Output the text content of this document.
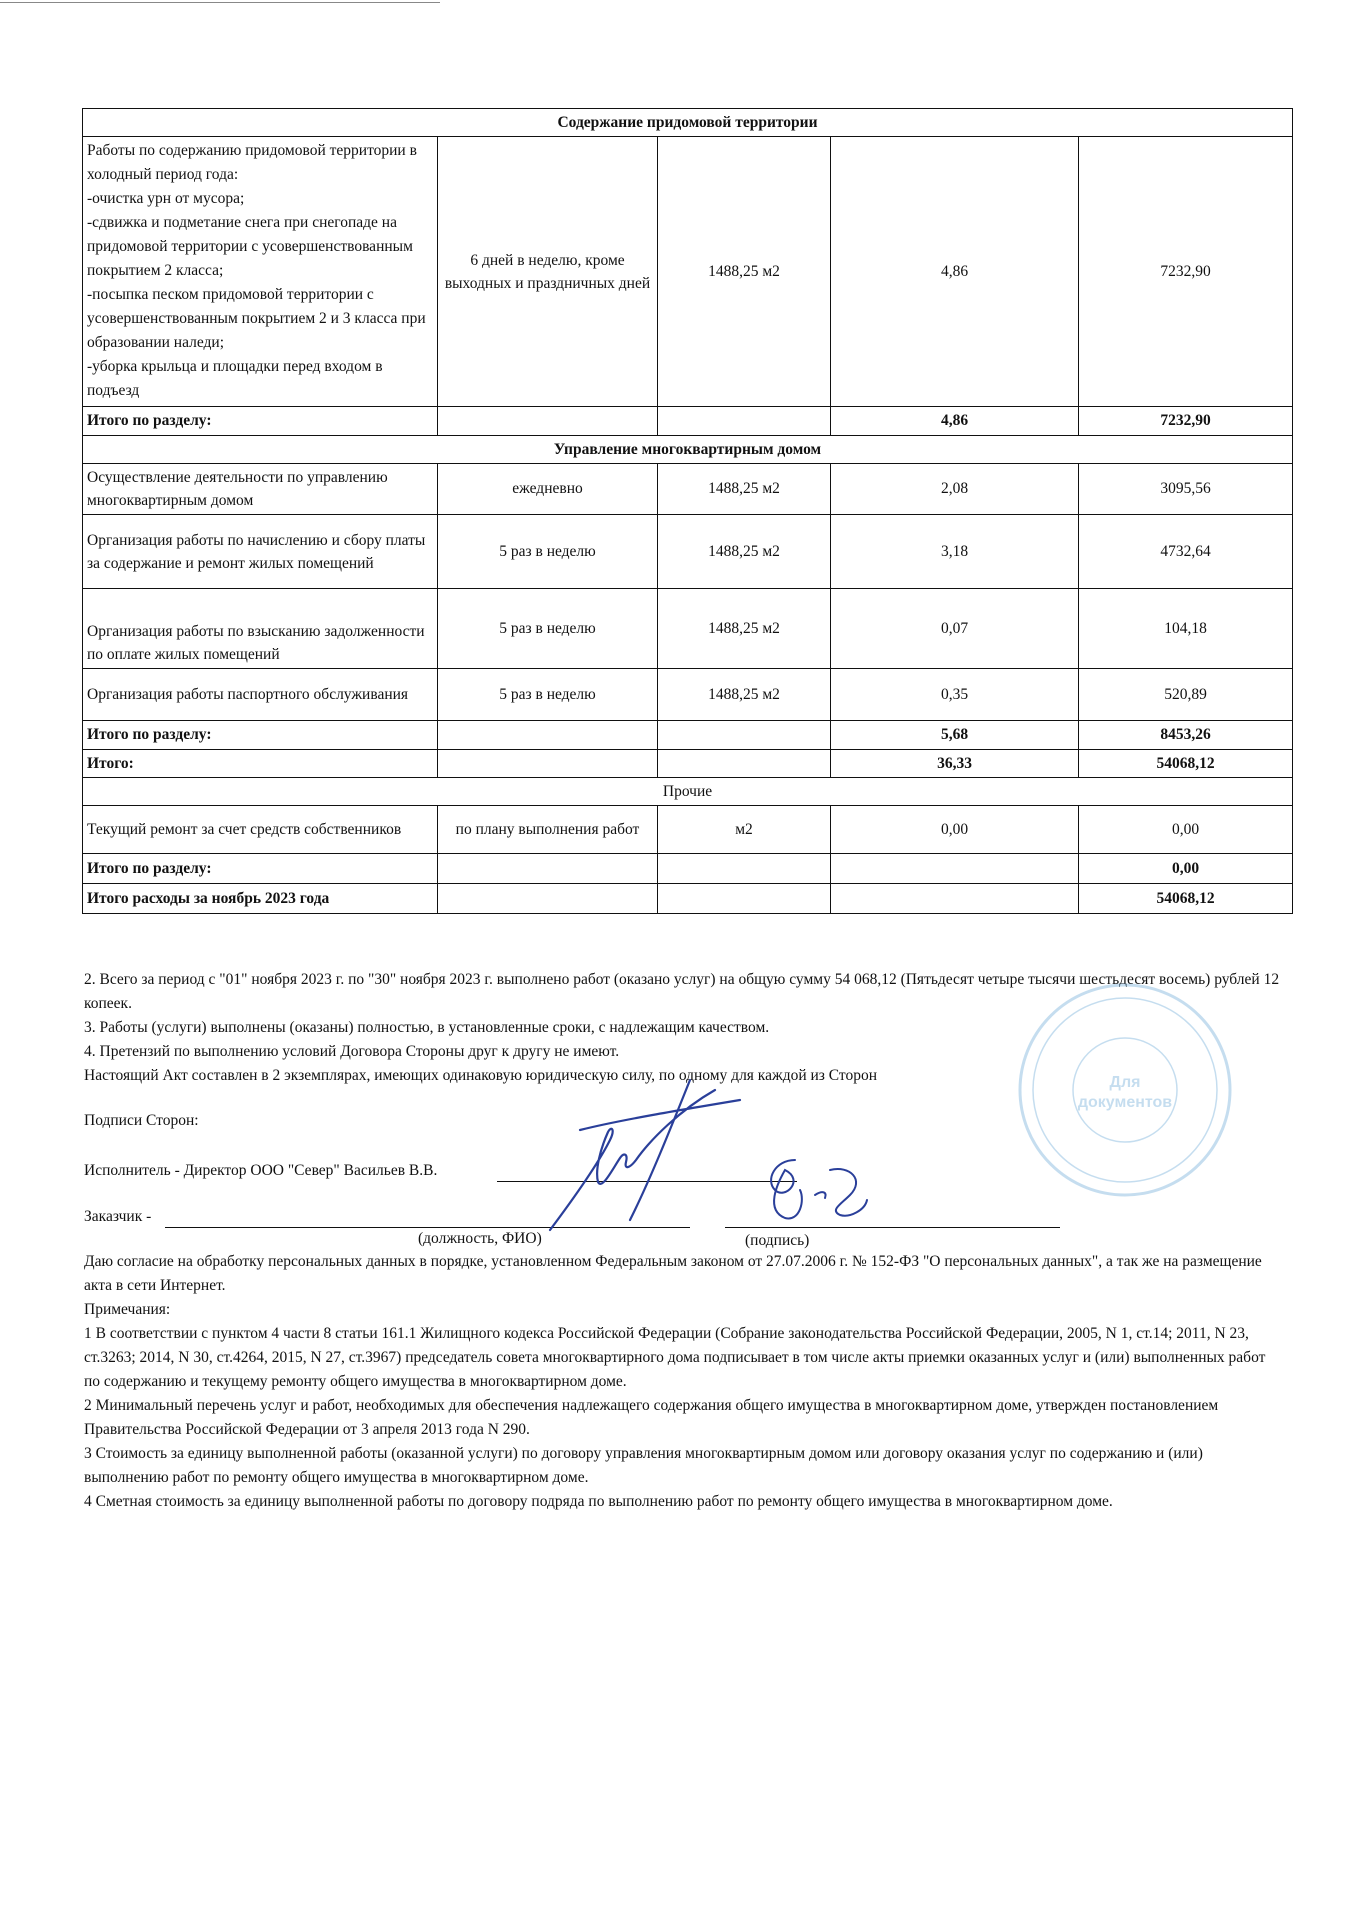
Содержание придомовой территории				
Работы по содержанию придомовой территории в холодный период года:
-очистка урн от мусора;
-сдвижка и подметание снега при снегопаде на придомовой территории с усовершенствованным покрытием 2 класса;
-посыпка песком придомовой территории с усовершенствованным покрытием 2 и 3 класса при образовании наледи;
-уборка крыльца и площадки перед входом в подъезд	6 дней в неделю, кроме выходных и праздничных дней	1488,25 м2	4,86	7232,90
Итого по разделу:			4,86	7232,90
Управление многоквартирным домом				
Осуществление деятельности по управлению многоквартирным домом	ежедневно	1488,25 м2	2,08	3095,56
Организация работы по начислению и сбору платы за содержание и ремонт жилых помещений	5 раз в неделю	1488,25 м2	3,18	4732,64
Организация работы по взысканию задолженности по оплате жилых помещений	5 раз в неделю	1488,25 м2	0,07	104,18
Организация работы паспортного обслуживания	5 раз в неделю	1488,25 м2	0,35	520,89
Итого по разделу:			5,68	8453,26
Итого:			36,33	54068,12
Прочие				
Текущий ремонт за счет средств собственников	по плану выполнения работ	м2	0,00	0,00
Итого по разделу:				0,00
Итого расходы за ноябрь 2023 года				54068,12

2. Всего за период с "01" ноября 2023 г. по "30" ноября 2023 г. выполнено работ (оказано услуг) на общую сумму 54 068,12 (Пятьдесят четыре тысячи шестьдесят восемь) рублей 12 копеек.

3. Работы (услуги) выполнены (оказаны) полностью, в установленные сроки, с надлежащим качеством.

4. Претензий по выполнению условий Договора Стороны друг к другу не имеют.

Настоящий Акт составлен в 2 экземплярах, имеющих одинаковую юридическую силу, по одному для каждой из Сторон

Подписи Сторон:
Исполнитель - Директор ООО "Север" Васильев В.В.
Заказчик -
(должность, ФИО)	(подпись)
Для
документов

Даю согласие на обработку персональных данных в порядке, установленном Федеральным законом от 27.07.2006 г. № 152-ФЗ "О персональных данных", а так же на размещение акта в сети Интернет.

Примечания:

1 В соответствии с пунктом 4 части 8 статьи 161.1 Жилищного кодекса Российской Федерации (Собрание законодательства Российской Федерации, 2005, N 1, ст.14; 2011, N 23, ст.3263; 2014, N 30, ст.4264, 2015, N 27, ст.3967) председатель совета многоквартирного дома подписывает в том числе акты приемки оказанных услуг и (или) выполненных работ по содержанию и текущему ремонту общего имущества в многоквартирном доме.

2 Минимальный перечень услуг и работ, необходимых для обеспечения надлежащего содержания общего имущества в многоквартирном доме, утвержден постановлением Правительства Российской Федерации от 3 апреля 2013 года N 290.

3 Стоимость за единицу выполненной работы (оказанной услуги) по договору управления многоквартирным домом или договору оказания услуг по содержанию и (или) выполнению работ по ремонту общего имущества в многоквартирном доме.

4 Сметная стоимость за единицу выполненной работы по договору подряда по выполнению работ по ремонту общего имущества в многоквартирном доме.
